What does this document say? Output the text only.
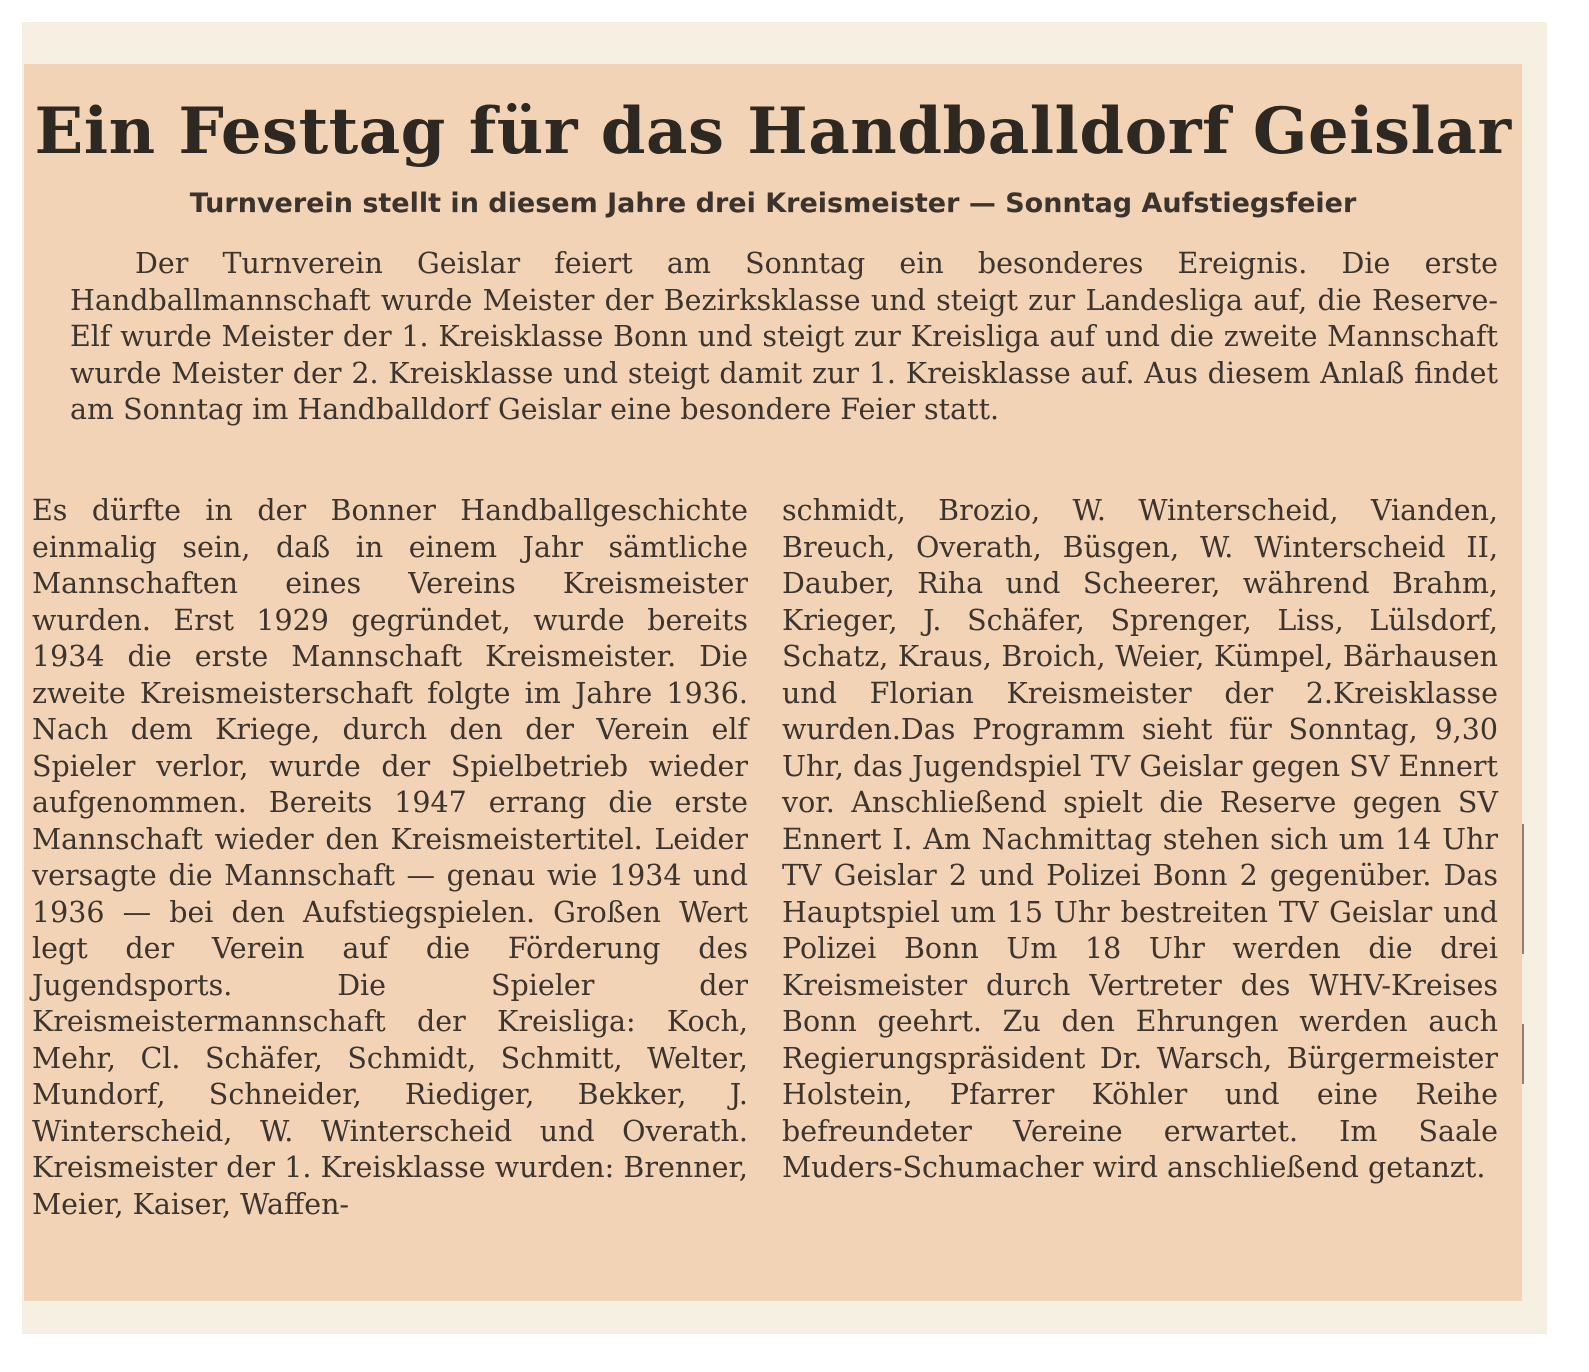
Ein Festtag für das Handballdorf Geislar
Turnverein stellt in diesem Jahre drei Kreismeister — Sonntag Aufstiegsfeier

Der Turnverein Geislar feiert am Sonntag ein besonderes Ereignis. Die erste Handballmannschaft wurde Meister der Bezirksklasse und steigt zur Landesliga auf, die Reserve-Elf wurde Meister der 1. Kreisklasse Bonn und steigt zur Kreisliga auf und die zweite Mannschaft wurde Meister der 2. Kreisklasse und steigt damit zur 1. Kreisklasse auf. Aus diesem Anlaß findet am Sonntag im Handballdorf Geislar eine besondere Feier statt.

Es dürfte in der Bonner Handballgeschichte einmalig sein, daß in einem Jahr sämtliche Mannschaften eines Vereins Kreismeister wurden. Erst 1929 gegründet, wurde bereits 1934 die erste Mannschaft Kreismeister. Die zweite Kreismeisterschaft folgte im Jahre 1936. Nach dem Kriege, durch den der Verein elf Spieler verlor, wurde der Spielbetrieb wieder aufgenommen. Bereits 1947 errang die erste Mannschaft wieder den Kreismeistertitel. Leider versagte die Mannschaft — genau wie 1934 und 1936 — bei den Aufstiegspielen. Großen Wert legt der Verein auf die Förderung des Jugendsports. Die Spieler der Kreismeistermannschaft der Kreisliga: Koch, Mehr, Cl. Schäfer, Schmidt, Schmitt, Welter, Mundorf, Schneider, Riediger, Bekker, J. Winterscheid, W. Winterscheid und Overath. Kreismeister der 1. Kreisklasse wurden: Brenner, Meier, Kaiser, Waffen-

schmidt, Brozio, W. Winterscheid, Vianden, Breuch, Overath, Büsgen, W. Winterscheid II, Dauber, Riha und Scheerer, während Brahm, Krieger, J. Schäfer, Sprenger, Liss, Lülsdorf, Schatz, Kraus, Broich, Weier, Kümpel, Bärhausen und Florian Kreismeister der 2.Kreisklasse wurden.Das Programm sieht für Sonntag, 9,30 Uhr, das Jugendspiel TV Geislar gegen SV Ennert vor. Anschließend spielt die Reserve gegen SV Ennert I. Am Nachmittag stehen sich um 14 Uhr TV Geislar 2 und Polizei Bonn 2 gegenüber. Das Hauptspiel um 15 Uhr bestreiten TV Geislar und Polizei Bonn Um 18 Uhr werden die drei Kreismeister durch Vertreter des WHV-Kreises Bonn geehrt. Zu den Ehrungen werden auch Regierungspräsident Dr. Warsch, Bürgermeister Holstein, Pfarrer Köhler und eine Reihe befreundeter Vereine erwartet. Im Saale Muders-Schumacher wird anschließend getanzt.
